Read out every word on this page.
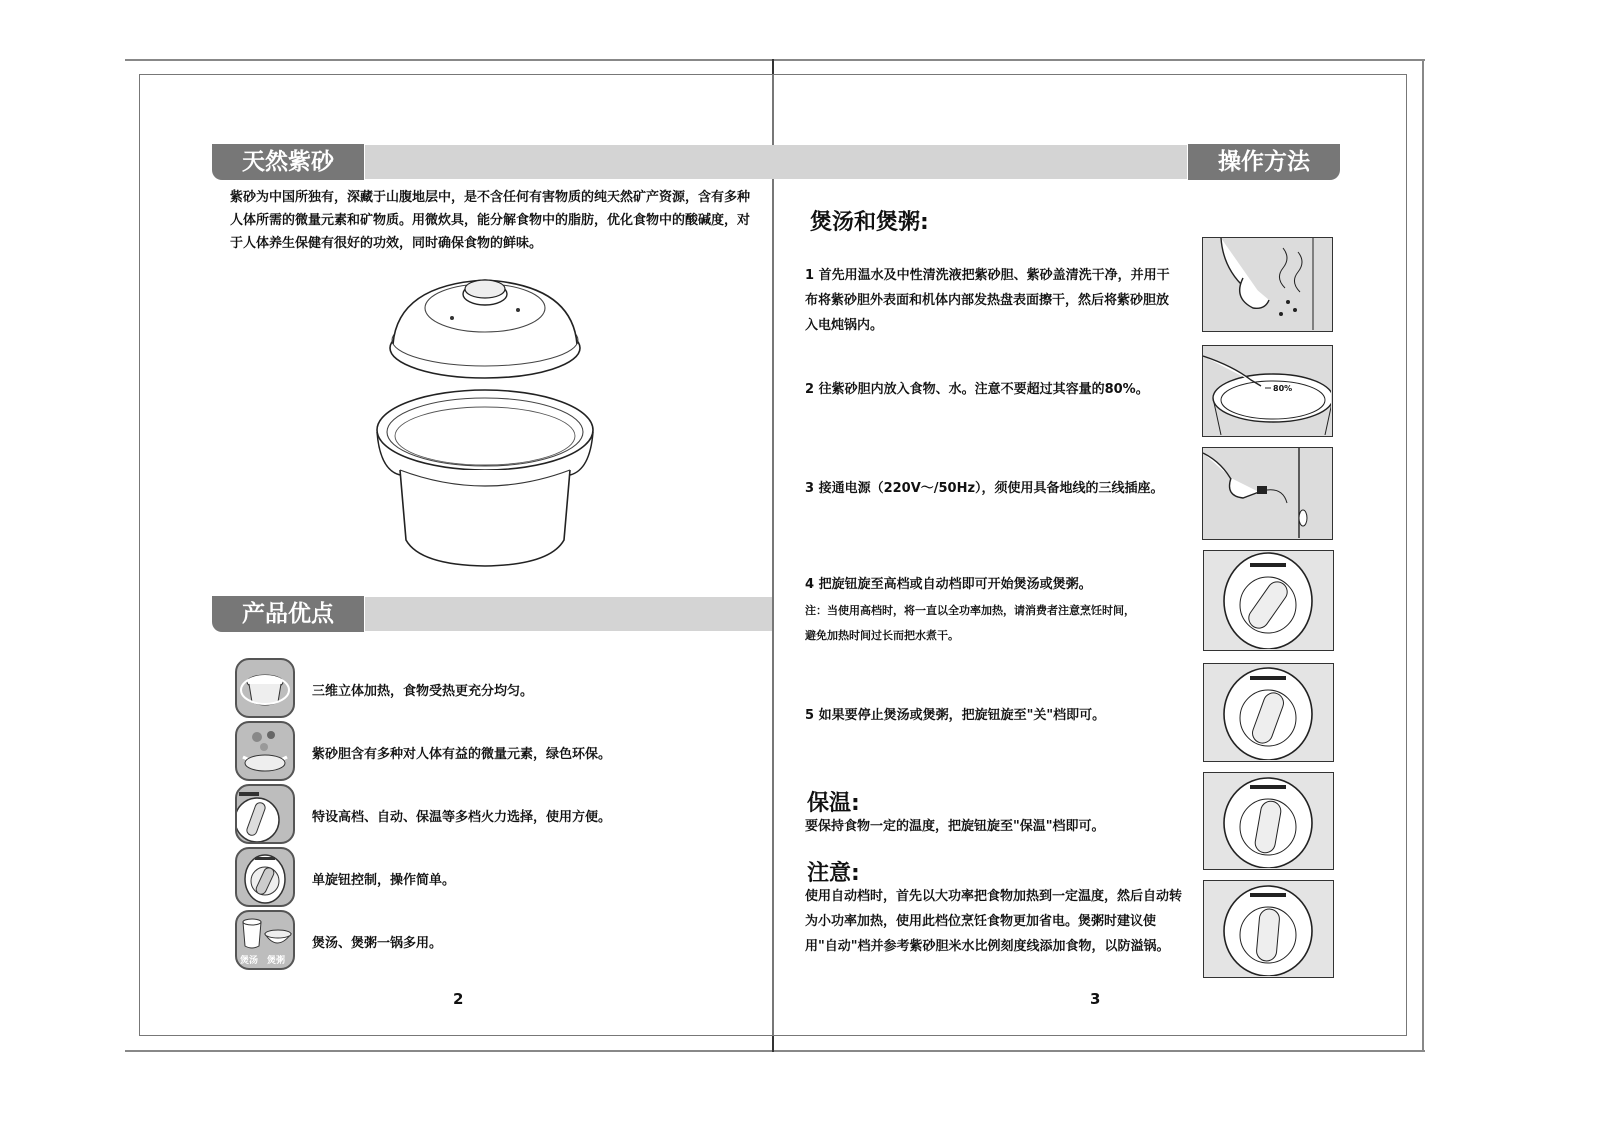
天然紫砂	操作方法
紫砂为中国所独有，深藏于山腹地层中，是不含任何有害物质的纯天然矿产资源，含有多种人体所需的微量元素和矿物质。用微炊具，能分解食物中的脂肪，优化食物中的酸碱度，对于人体养生保健有很好的功效，同时确保食物的鲜味。
产品优点
三维立体加热，食物受热更充分均匀。
紫砂胆含有多种对人体有益的微量元素，绿色环保。
特设高档、自动、保温等多档火力选择，使用方便。
单旋钮控制，操作简单。
煲汤 煲粥
煲汤、煲粥一锅多用。
2
煲汤和煲粥:
1 首先用温水及中性清洗液把紫砂胆、紫砂盖清洗干净，并用干布将紫砂胆外表面和机体内部发热盘表面擦干，然后将紫砂胆放入电炖锅内。
2 往紫砂胆内放入食物、水。注意不要超过其容量的80%。	80%
3 接通电源（220V～/50Hz），须使用具备地线的三线插座。
4 把旋钮旋至高档或自动档即可开始煲汤或煲粥。
注：当使用高档时，将一直以全功率加热，请消费者注意烹饪时间，避免加热时间过长而把水煮干。
5 如果要停止煲汤或煲粥，把旋钮旋至"关"档即可。
保温:
要保持食物一定的温度，把旋钮旋至"保温"档即可。
注意:
使用自动档时，首先以大功率把食物加热到一定温度，然后自动转为小功率加热，使用此档位烹饪食物更加省电。煲粥时建议使用"自动"档并参考紫砂胆米水比例刻度线添加食物，以防溢锅。
3
